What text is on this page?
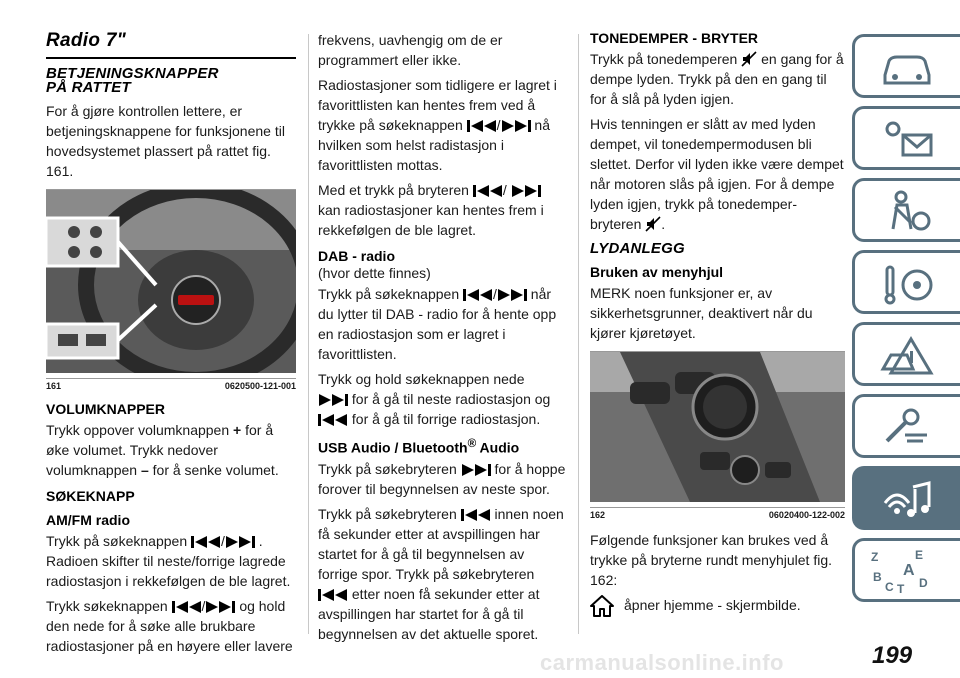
Radio 7"
BETJENINGSKNAPPER
PÅ RATTET

For å gjøre kontrollen lettere, er betjeningsknappene for funksjonene til hovedsystemet plassert på rattet fig. 161.

161	0620500-121-001
VOLUMKNAPPER

Trykk oppover volumknappen + for å øke volumet. Trykk nedover volumknappen – for å senke volumet.

SØKEKNAPP
AM/FM radio

Trykk på søkeknappen / . Radioen skifter til neste/forrige lagrede radiostasjon i rekkefølgen de ble lagret.

Trykk søkeknappen / og hold den nede for å søke alle brukbare radiostasjoner på en høyere eller lavere

frekvens, uavhengig om de er programmert eller ikke.

Radiostasjoner som tidligere er lagret i favorittlisten kan hentes frem ved å trykke på søkeknappen / nå hvilken som helst radistasjon i favorittlisten mottas.

Med et trykk på bryteren /
kan radiostasjoner kan hentes frem i rekkefølgen de ble lagret.

DAB - radio
(hvor dette finnes)

Trykk på søkeknappen / når du lytter til DAB - radio for å hente opp en radiostasjon som er lagret i favorittlisten.

Trykk og hold søkeknappen nede

for å gå til neste radiostasjon og

for å gå til forrige radiostasjon.

USB Audio / Bluetooth® Audio

Trykk på søkebryteren	for å hoppe forover til begynnelsen av neste spor.

Trykk på søkebryteren	innen noen få sekunder etter at avspillingen har startet for å gå til begynnelsen av forrige spor. Trykk på søkebryteren
etter noen få sekunder etter at avspillingen har startet for å gå til begynnelsen av det aktuelle sporet.

TONEDEMPER - BRYTER

Trykk på tonedemperen en gang for å dempe lyden. Trykk på den en gang til for å slå på lyden igjen.

Hvis tenningen er slått av med lyden dempet, vil tonedempermodusen bli slettet. Derfor vil lyden ikke være dempet når motoren slås på igjen. For å dempe lyden igjen, trykk på tonedemper-bryteren .

LYDANLEGG
Bruken av menyhjul

MERK noen funksjoner er, av sikkerhetsgrunner, deaktivert når du kjører kjøretøyet.

162	06020400-122-002

Følgende funksjoner kan brukes ved å trykke på bryterne rundt menyhjulet fig. 162:

åpner hjemme - skjermbilde.
Z	E
B A
C T D
carmanualsonline.info	199
